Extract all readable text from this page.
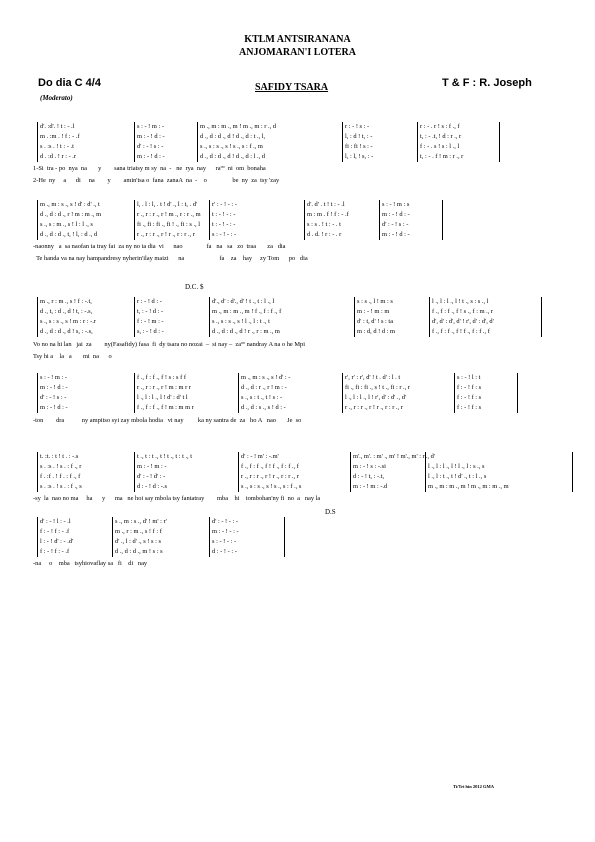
KTLM ANTSIRANANA
ANJOMARAN'I LOTERA
Do dia C 4/4
(Moderato)
SAFIDY TSARA	T & F : R. Joseph
d'. :d'. ! t : - .l	s : - ! m : -	m ., m : m ., m ! m ., m : r ., d	r : - ! s : -	r : - . r ! s : f ., f
m . :m . ! f : - .f	m : - ! d : -	d ., d : d ., d ! d ., d : t ., l,	l, : d ! t, : -	t, : - .t, ! d : r ., r
s . :s . ! t : - .t	d' : - ! s : -	s ., s : s ., s ! s ., s : f ., m	fi : fi ! s : -	f : - . s ! s : l ., l
d . :d . ! r : - .r	m : - ! d : -	d ., d : d ., d ! d ., d : l ., d	l, : l, ! s, : -	t, : - . f ! m : r ., r
1-Si  tra - po  nya  na       y        sana triatsy m sy  na  -   ne  rya  nay      raºº  ni  om  bonaha
2-He  ny     a      di     na        y        amin'tsa o  fana  zanaA  na  -    o                be  ny  za  tsy 'zay
m ., m : s ., s ! d' : d' ., t	l, . l : l, . t ! d' ., l : t, . d'	r' : - ! - : -	d'. d' . t ! t : - .l	s : - ! m : s
d ., d : d ., r ! m : m ., m	r ., r : r ., r ! m ., r : r ., m	t : - ! - : -	m : m . f ! f : - .f	m : - ! d : -
s ., s : m ., s ! l : l ., s	fi ., fi : fi ., fi ! ., fi : s ., l	t : - ! - : -	s : s . ! t : - . t	d' : - ! s : -
d ., d : d ., t, ! l, : d ., d	r ., r : r ., r ! r ., r : r ., r	s : - ! - : -	d . d. ! r : - . r	m : - ! d : -
-naonny   a  sa naofan ta tray fai  za ny no ta dia  vi      nao               fa   na   sa   zo  traa       za   dia
Te handa va na nay hampandresy nyherin'ilay maizi      na                      fa    za    hay     zy Tom      po   dia
m ., r : m ., s ! f : -.t,	r : - ! d : -	d'., d' : d'., d' ! t ., t : l ., l	s : s ., l ! m : s	l ., l : l ., l ! t ., s : s ., l
d ., t, : d ., d ! t, : -.s,	t, : - ! d : -	m ., m : m ., m ! f ., f : f ., f	m : - ! m : m	f ., f : f ., f ! s ., f : m ., r
s ., s : s ., s ! m : r : -.r	f : - ! m : -	s ., s : s ., s ! l ., l : t ., t	d' : t, d' ! s : ta	d', d' : d', d' ! r', d' : d', d'
d ., d : d ., d ! s, : -.s,	s, : - ! d : -	d ., d : d ., d ! r ., r : m ., m	m : d, d ! d : m	f ., f : f ., f ! f ., f : f ., f
Vo no na hi lan   jai  za        ny(Fasafidy) fasa  fi  dy tsara no nozai  –  si nay –  zaºº nandray A na o he Mpi
Tsy hi a    la   a       mi  na      o
s : - ! m : -	f ., f : f ., f ! s : s f f	m ., m : s ., s ! d' : -	r', r' : r', d' ! t . d' : l . t	s : - ! l : t
m : - ! d : -	r ., r : r ., r ! m : m r r	d ., d : r ., r ! m : -	fi ., fi : fi ., s ! t ., fi : r ., r	f : - ! f : s
d' : - ! s : -	l ., l : l ., l ! d' : d' t l	s ., s : t ., t ! s : -	l ., l : l ., l ! r', d' : d' ., d'	f : - ! f : s
m : - ! d : -	f ., f : f ., f ! m : m m r	d ., d : s ., s ! d : -	r ., r : r ., r ! r ., r : r ., r	f : - ! f : s
-ton        dra           ny ampitso syi zay mbola hodia   vi nay         ka ny santra de  za   ho A   nao       Je  so
t. :t. : t ! t . : -.s	t ., t : t ., t ! t ., t : t ., t	d' : - ! m' : -.m'	m'., m'. : m' ., m' ! m'., m' : r'., d'
s . :s . ! s . : f ., r	m : - ! m : -	f ., f : f ., f ! f ., f : f ., f	m : - ! s : -.si	l ., l : l ., l ! l ., l : s ., s
f . :f . ! f . : f ., f	d' : - ! d' : -	r ., r : r ., r ! r ., r : r ., r	d : - ! t, : -.t,	l ., l : t ., t ! d' ., t : l ., s
s . :s . ! s . : f ., s	d : - ! d : -.s	s ., s : s ., s ! s ., s : f ., s	m : - ! m : -.d	m ., m : m ., m ! m ., m : m ., m
-sy  la  nao no ma     ha      y      ma   ne hoi say mbola tsy fantatray        mba    hi    tombohan'ny fi  no  a   nay la
d' : - ! l : - .l	s ., m : s ., d' ! m' : r'	d' : - ! - : -
f : - ! f : - .f	m ., r : m ., s ! f : f	m : - ! - : -
l : - ! d' : - .d'	d' ., l : d' ., s ! s : s	s : - ! - : -
f : - ! f : - .f	d ., d : d ., m ! s : s	d : - ! - : -
-na     o    mba   tsyhiovaflay sa   fi    di   nay
D.C. $
D.S
Ti/Tri bin 2012 GMA
